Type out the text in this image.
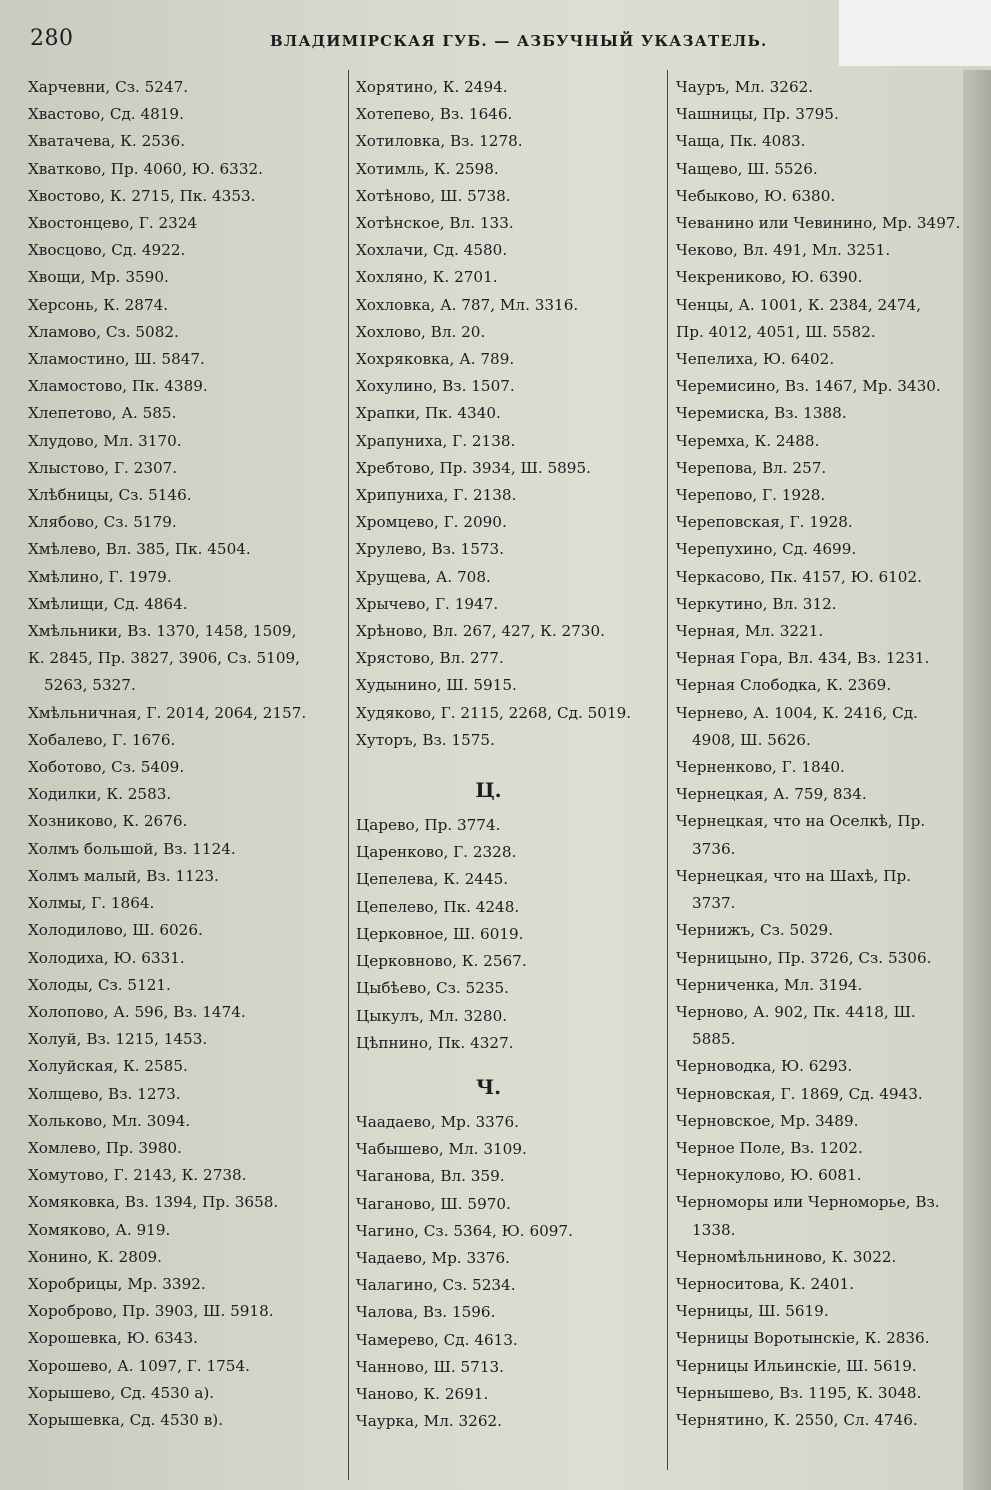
280	ВЛАДИМІРСКАЯ ГУБ. — АЗБУЧНЫЙ УКАЗАТЕЛЬ.
Харчевни, Сз. 5247.
Хвастово, Сд. 4819.
Хватачева, К. 2536.
Хватково, Пр. 4060, Ю. 6332.
Хвостово, К. 2715, Пк. 4353.
Хвостонцево, Г. 2324
Хвосцово, Сд. 4922.
Хвощи, Мр. 3590.
Херсонь, К. 2874.
Хламово, Сз. 5082.
Хламостино, Ш. 5847.
Хламостово, Пк. 4389.
Хлепетово, А. 585.
Хлудово, Мл. 3170.
Хлыстово, Г. 2307.
Хлѣбницы, Сз. 5146.
Хлябово, Сз. 5179.
Хмѣлево, Вл. 385, Пк. 4504.
Хмѣлино, Г. 1979.
Хмѣлищи, Сд. 4864.
Хмѣльники, Вз. 1370, 1458, 1509,
К. 2845, Пр. 3827, 3906, Сз. 5109,
5263, 5327.
Хмѣльничная, Г. 2014, 2064, 2157.
Хобалево, Г. 1676.
Хоботово, Сз. 5409.
Ходилки, К. 2583.
Хозниково, К. 2676.
Холмъ большой, Вз. 1124.
Холмъ малый, Вз. 1123.
Холмы, Г. 1864.
Холодилово, Ш. 6026.
Холодиха, Ю. 6331.
Холоды, Сз. 5121.
Холопово, А. 596, Вз. 1474.
Холуй, Вз. 1215, 1453.
Холуйская, К. 2585.
Холщево, Вз. 1273.
Хольково, Мл. 3094.
Хомлево, Пр. 3980.
Хомутово, Г. 2143, К. 2738.
Хомяковка, Вз. 1394, Пр. 3658.
Хомяково, А. 919.
Хонино, К. 2809.
Хоробрицы, Мр. 3392.
Хороброво, Пр. 3903, Ш. 5918.
Хорошевка, Ю. 6343.
Хорошево, А. 1097, Г. 1754.
Хорышево, Сд. 4530 а).
Хорышевка, Сд. 4530 в).
Хорятино, К. 2494.
Хотепево, Вз. 1646.
Хотиловка, Вз. 1278.
Хотимль, К. 2598.
Хотѣново, Ш. 5738.
Хотѣнское, Вл. 133.
Хохлачи, Сд. 4580.
Хохляно, К. 2701.
Хохловка, А. 787, Мл. 3316.
Хохлово, Вл. 20.
Хохряковка, А. 789.
Хохулино, Вз. 1507.
Храпки, Пк. 4340.
Храпуниха, Г. 2138.
Хребтово, Пр. 3934, Ш. 5895.
Хрипуниха, Г. 2138.
Хромцево, Г. 2090.
Хрулево, Вз. 1573.
Хрущева, А. 708.
Хрычево, Г. 1947.
Хрѣново, Вл. 267, 427, К. 2730.
Хрястово, Вл. 277.
Худынино, Ш. 5915.
Худяково, Г. 2115, 2268, Сд. 5019.
Хуторъ, Вз. 1575.
Ц.
Царево, Пр. 3774.
Царенково, Г. 2328.
Цепелева, К. 2445.
Цепелево, Пк. 4248.
Церковное, Ш. 6019.
Церковново, К. 2567.
Цыбѣево, Сз. 5235.
Цыкулъ, Мл. 3280.
Цѣпнино, Пк. 4327.
Ч.
Чаадаево, Мр. 3376.
Чабышево, Мл. 3109.
Чаганова, Вл. 359.
Чаганово, Ш. 5970.
Чагино, Сз. 5364, Ю. 6097.
Чадаево, Мр. 3376.
Чалагино, Сз. 5234.
Чалова, Вз. 1596.
Чамерево, Сд. 4613.
Чанново, Ш. 5713.
Чаново, К. 2691.
Чаурка, Мл. 3262.
Чауръ, Мл. 3262.
Чашницы, Пр. 3795.
Чаща, Пк. 4083.
Чащево, Ш. 5526.
Чебыково, Ю. 6380.
Чеванино или Чевинино, Мр. 3497.
Чеково, Вл. 491, Мл. 3251.
Чекрениково, Ю. 6390.
Ченцы, А. 1001, К. 2384, 2474,
Пр. 4012, 4051, Ш. 5582.
Чепелиха, Ю. 6402.
Черемисино, Вз. 1467, Мр. 3430.
Черемиска, Вз. 1388.
Черемха, К. 2488.
Черепова, Вл. 257.
Черепово, Г. 1928.
Череповская, Г. 1928.
Черепухино, Сд. 4699.
Черкасово, Пк. 4157, Ю. 6102.
Черкутино, Вл. 312.
Черная, Мл. 3221.
Черная Гора, Вл. 434, Вз. 1231.
Черная Слободка, К. 2369.
Чернево, А. 1004, К. 2416, Сд.
4908, Ш. 5626.
Черненково, Г. 1840.
Чернецкая, А. 759, 834.
Чернецкая, что на Оселкѣ, Пр.
3736.
Чернецкая, что на Шахѣ, Пр.
3737.
Чернижъ, Сз. 5029.
Черницыно, Пр. 3726, Сз. 5306.
Черниченка, Мл. 3194.
Черново, А. 902, Пк. 4418, Ш.
5885.
Черноводка, Ю. 6293.
Черновская, Г. 1869, Сд. 4943.
Черновское, Мр. 3489.
Черное Поле, Вз. 1202.
Чернокулово, Ю. 6081.
Черноморы или Черноморье, Вз.
1338.
Черномѣльниново, К. 3022.
Черноситова, К. 2401.
Черницы, Ш. 5619.
Черницы Воротынскіе, К. 2836.
Черницы Ильинскіе, Ш. 5619.
Чернышево, Вз. 1195, К. 3048.
Чернятино, К. 2550, Сл. 4746.
